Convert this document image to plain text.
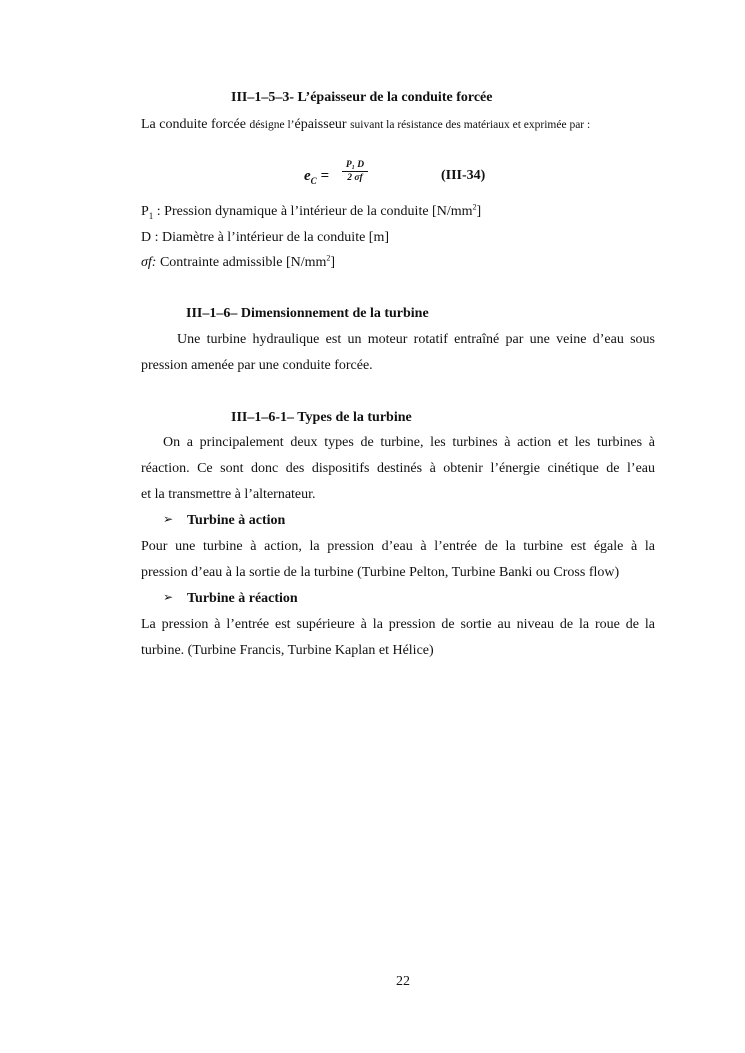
III–1–5–3- L’épaisseur de la conduite forcée
La conduite forcée désigne l’épaisseur suivant la résistance des matériaux et exprimée par :
$e_C = \frac{\text{P₁ D}}{2 \sigma f}$	(III-34)
$P_1$ : Pression dynamique à l’intérieur de la conduite $[N/mm^2]$
D : Diamètre à l’intérieur de la conduite [m]
σf: Contrainte admissible $[N/mm^2]$
III–1–6– Dimensionnement de la turbine
Une turbine hydraulique est un moteur rotatif entraîné par une veine d’eau sous
pression amenée par une conduite forcée.
III–1–6-1– Types de la turbine
On a principalement deux types de turbine, les turbines à action et les turbines à
réaction. Ce sont donc des dispositifs destinés à obtenir l’énergie cinétique de l’eau
et la transmettre à l’alternateur.
➢ Turbine à action
Pour une turbine à action, la pression d’eau à l’entrée de la turbine est égale à la
pression d’eau à la sortie de la turbine (Turbine Pelton, Turbine Banki ou Cross flow)
➢ Turbine à réaction
La pression à l’entrée est supérieure à la pression de sortie au niveau de la roue de la
turbine. (Turbine Francis, Turbine Kaplan et Hélice)
22
